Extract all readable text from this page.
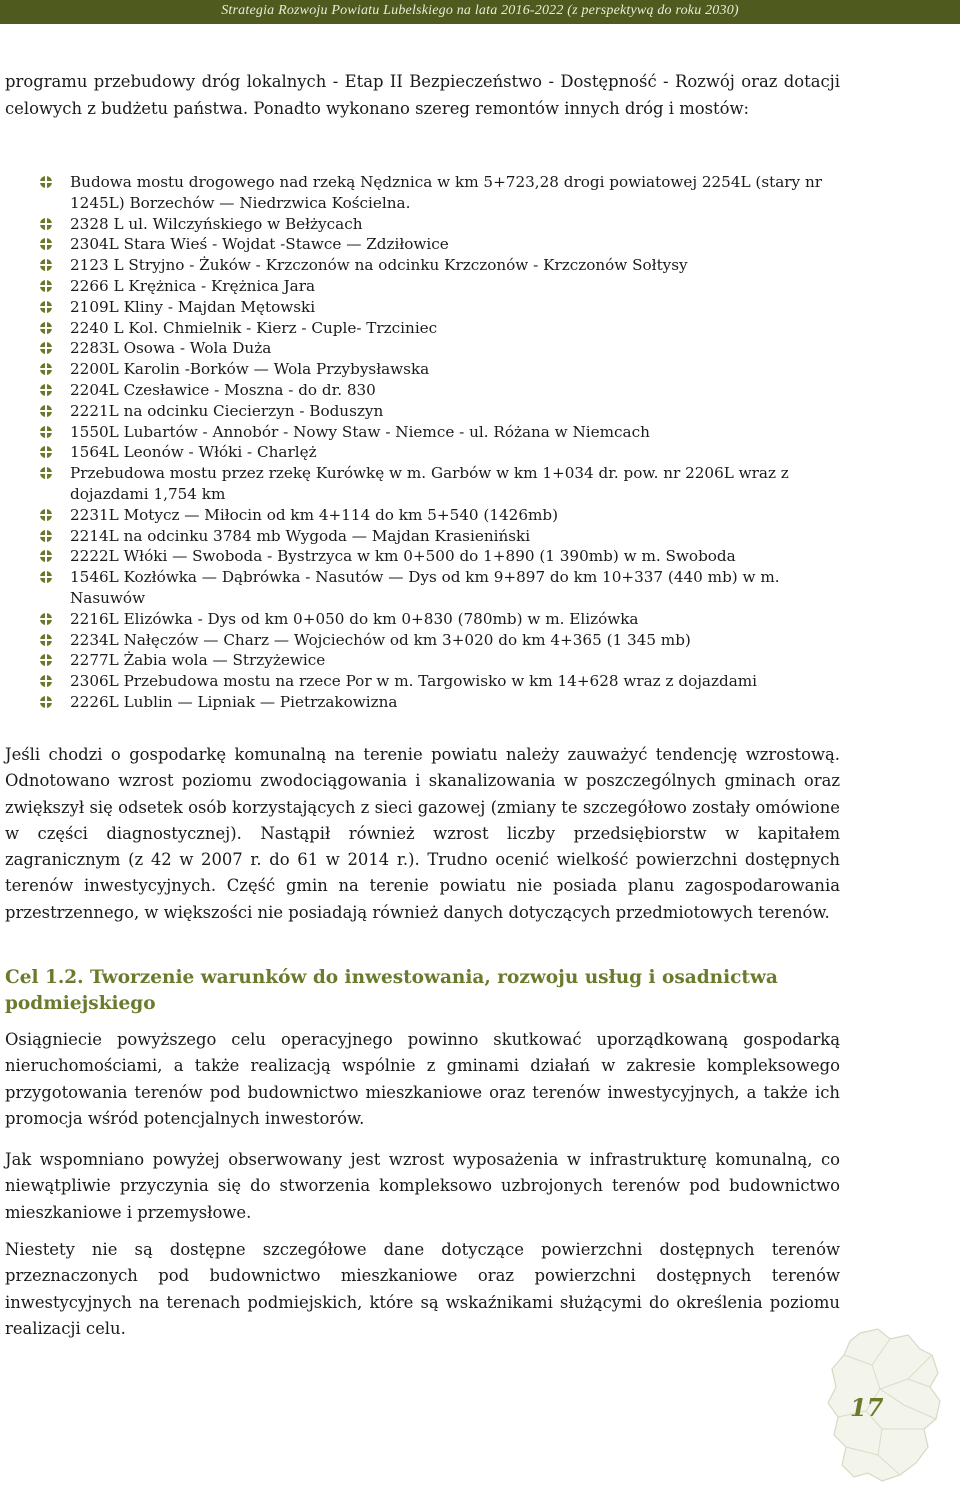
Strategia Rozwoju Powiatu Lubelskiego na lata 2016-2022 (z perspektywą do roku 2030)

programu przebudowy dróg lokalnych - Etap II Bezpieczeństwo - Dostępność - Rozwój oraz dotacji celowych z budżetu państwa. Ponadto wykonano szereg remontów innych dróg i mostów:

Budowa mostu drogowego nad rzeką Nędznica w km 5+723,28 drogi powiatowej 2254L (stary nr 1245L) Borzechów — Niedrzwica Kościelna.
2328 L ul. Wilczyńskiego w Bełżycach
2304L Stara Wieś - Wojdat -Stawce — Zdziłowice
2123 L Stryjno - Żuków - Krzczonów na odcinku Krzczonów - Krzczonów Sołtysy
2266 L Krężnica - Krężnica Jara
2109L Kliny - Majdan Mętowski
2240 L Kol. Chmielnik - Kierz - Cuple- Trzciniec
2283L Osowa - Wola Duża
2200L Karolin -Borków — Wola Przybysławska
2204L Czesławice - Moszna - do dr. 830
2221L na odcinku Ciecierzyn - Boduszyn
1550L Lubartów - Annobór - Nowy Staw - Niemce - ul. Różana w Niemcach
1564L Leonów - Włóki - Charlęż
Przebudowa mostu przez rzekę Kurówkę w m. Garbów w km 1+034 dr. pow. nr 2206L wraz z dojazdami 1,754 km
2231L Motycz — Miłocin od km 4+114 do km 5+540 (1426mb)
2214L na odcinku 3784 mb Wygoda — Majdan Krasieniński
2222L Włóki — Swoboda - Bystrzyca w km 0+500 do 1+890 (1 390mb) w m. Swoboda
1546L Kozłówka — Dąbrówka - Nasutów — Dys od km 9+897 do km 10+337 (440 mb) w m. Nasuwów
2216L Elizówka - Dys od km 0+050 do km 0+830 (780mb) w m. Elizówka
2234L Nałęczów — Charz — Wojciechów od km 3+020 do km 4+365 (1 345 mb)
2277L Żabia wola — Strzyżewice
2306L Przebudowa mostu na rzece Por w m. Targowisko w km 14+628 wraz z dojazdami
2226L Lublin — Lipniak — Pietrzakowizna

Jeśli chodzi o gospodarkę komunalną na terenie powiatu należy zauważyć tendencję wzrostową. Odnotowano wzrost poziomu zwodociągowania i skanalizowania w poszczególnych gminach oraz zwiększył się odsetek osób korzystających z sieci gazowej (zmiany te szczegółowo zostały omówione w części diagnostycznej). Nastąpił również wzrost liczby przedsiębiorstw w kapitałem zagranicznym (z 42 w 2007 r. do 61 w 2014 r.). Trudno ocenić wielkość powierzchni dostępnych terenów inwestycyjnych. Część gmin na terenie powiatu nie posiada planu zagospodarowania przestrzennego, w większości nie posiadają również danych dotyczących przedmiotowych terenów.

Cel 1.2. Tworzenie warunków do inwestowania, rozwoju usług i osadnictwa podmiejskiego

Osiągniecie powyższego celu operacyjnego powinno skutkować uporządkowaną gospodarką nieruchomościami, a także realizacją wspólnie z gminami działań w zakresie kompleksowego przygotowania terenów pod budownictwo mieszkaniowe oraz terenów inwestycyjnych, a także ich promocja wśród potencjalnych inwestorów.

Jak wspomniano powyżej obserwowany jest wzrost wyposażenia w infrastrukturę komunalną, co niewątpliwie przyczynia się do stworzenia kompleksowo uzbrojonych terenów pod budownictwo mieszkaniowe i przemysłowe.

Niestety nie są dostępne szczegółowe dane dotyczące powierzchni dostępnych terenów przeznaczonych pod budownictwo mieszkaniowe oraz powierzchni dostępnych terenów inwestycyjnych na terenach podmiejskich, które są wskaźnikami służącymi do określenia poziomu realizacji celu.

17
